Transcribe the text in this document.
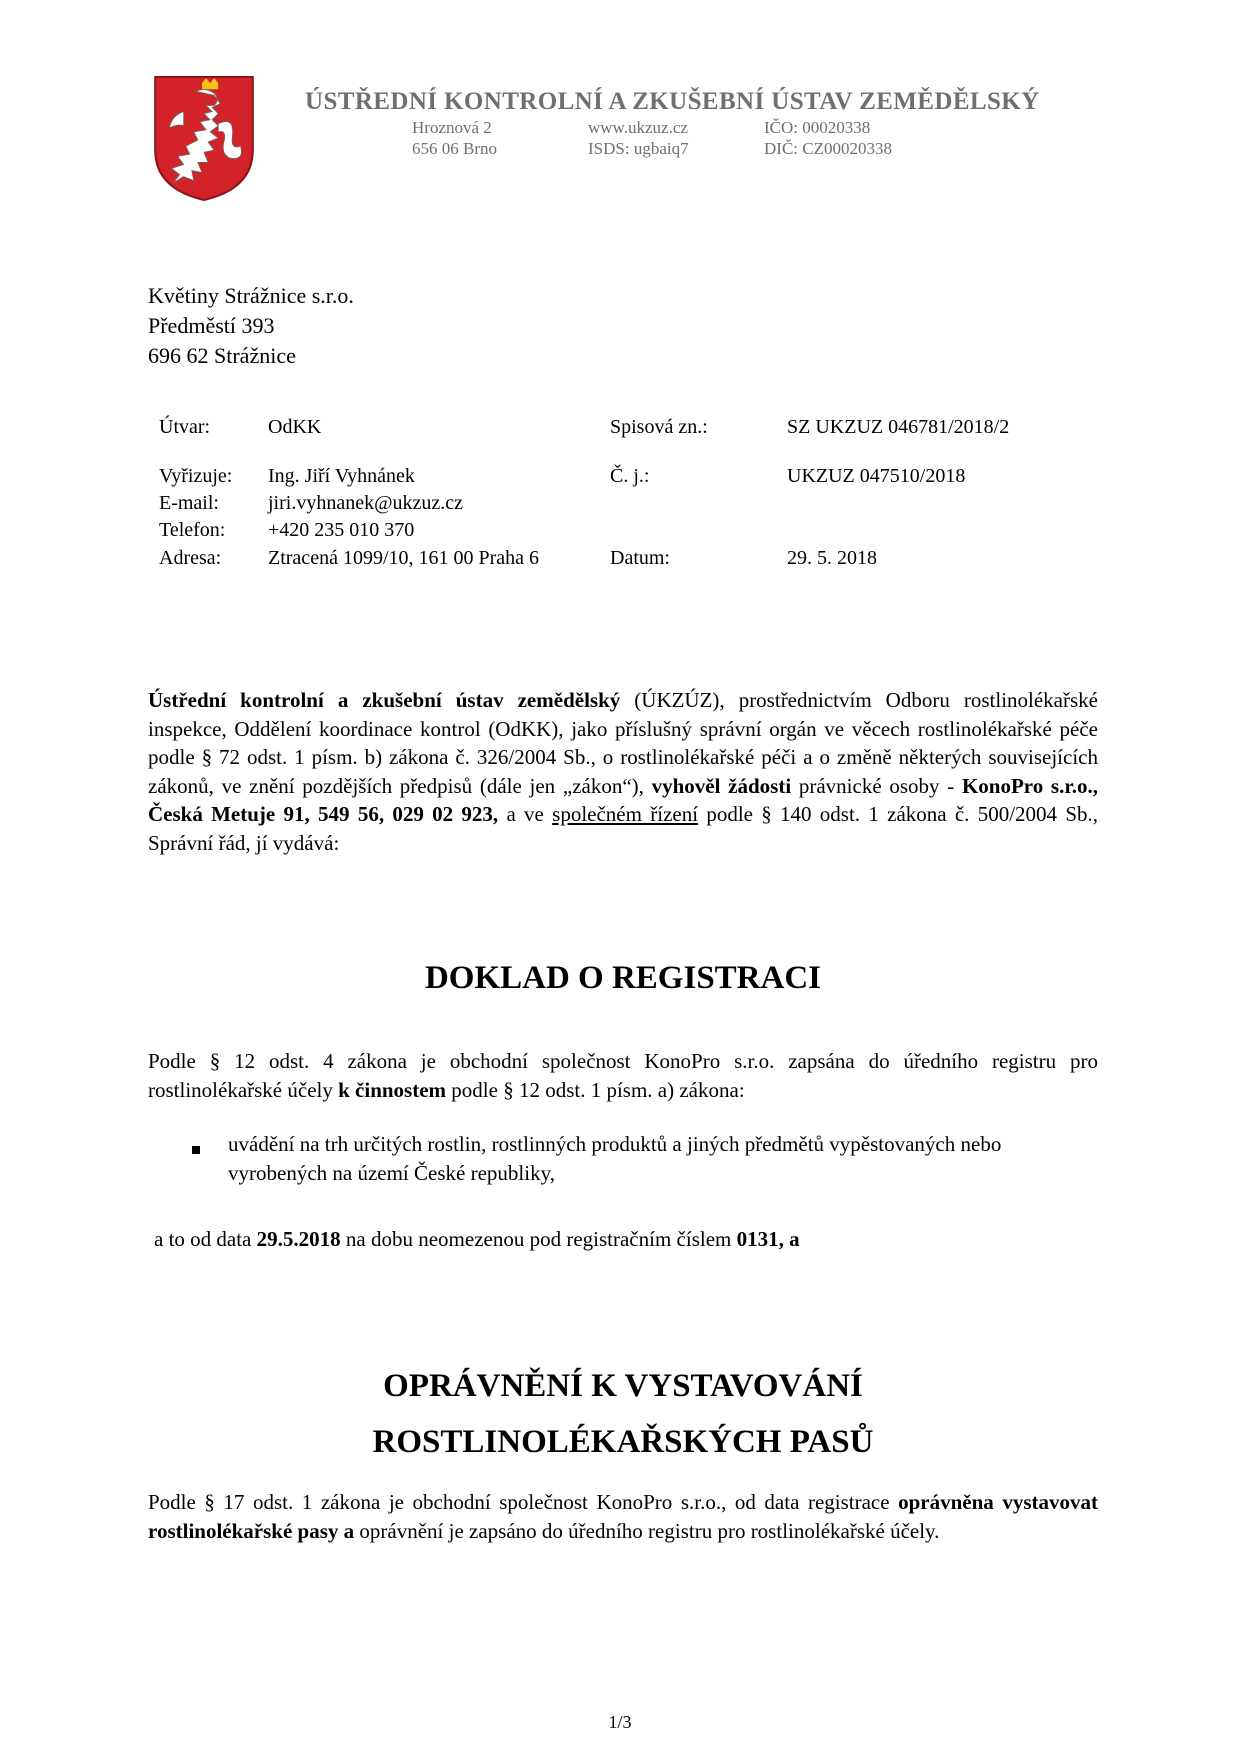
ÚSTŘEDNÍ KONTROLNÍ A ZKUŠEBNÍ ÚSTAV ZEMĚDĚLSKÝ
Hroznová 2
656 06 Brno
www.ukzuz.cz
ISDS: ugbaiq7
IČO: 00020338
DIČ: CZ00020338
Květiny Strážnice s.r.o.
Předměstí 393
696 62 Strážnice
Útvar:	OdKK	Spisová zn.:	SZ UKZUZ 046781/2018/2
Vyřizuje: Ing. Jiří Vyhnánek	Č. j.:	UKZUZ 047510/2018
E-mail: jiri.vyhnanek@ukzuz.cz
Telefon: +420 235 010 370
Adresa: Ztracená 1099/10, 161 00 Praha 6	Datum:	29. 5. 2018
Ústřední kontrolní a zkušební ústav zemědělský (ÚKZÚZ), prostřednictvím Odboru rostlinolékařské inspekce, Oddělení koordinace kontrol (OdKK), jako příslušný správní orgán ve věcech rostlinolékařské péče podle § 72 odst. 1 písm. b) zákona č. 326/2004 Sb., o rostlinolékařské péči a o změně některých souvisejících zákonů, ve znění pozdějších předpisů (dále jen „zákon“), vyhověl žádosti právnické osoby - KonoPro s.r.o., Česká Metuje 91, 549 56, 029 02 923, a ve společném řízení podle § 140 odst. 1 zákona č. 500/2004 Sb., Správní řád, jí vydává:
DOKLAD O REGISTRACI
Podle § 12 odst. 4 zákona je obchodní společnost KonoPro s.r.o. zapsána do úředního registru pro rostlinolékařské účely k činnostem podle § 12 odst. 1 písm. a) zákona:
uvádění na trh určitých rostlin, rostlinných produktů a jiných předmětů vypěstovaných nebo vyrobených na území České republiky,
a to od data 29.5.2018 na dobu neomezenou pod registračním číslem 0131, a
OPRÁVNĚNÍ K VYSTAVOVÁNÍ
ROSTLINOLÉKAŘSKÝCH PASŮ
Podle § 17 odst. 1 zákona je obchodní společnost KonoPro s.r.o., od data registrace oprávněna vystavovat rostlinolékařské pasy a oprávnění je zapsáno do úředního registru pro rostlinolékařské účely.
1/3
